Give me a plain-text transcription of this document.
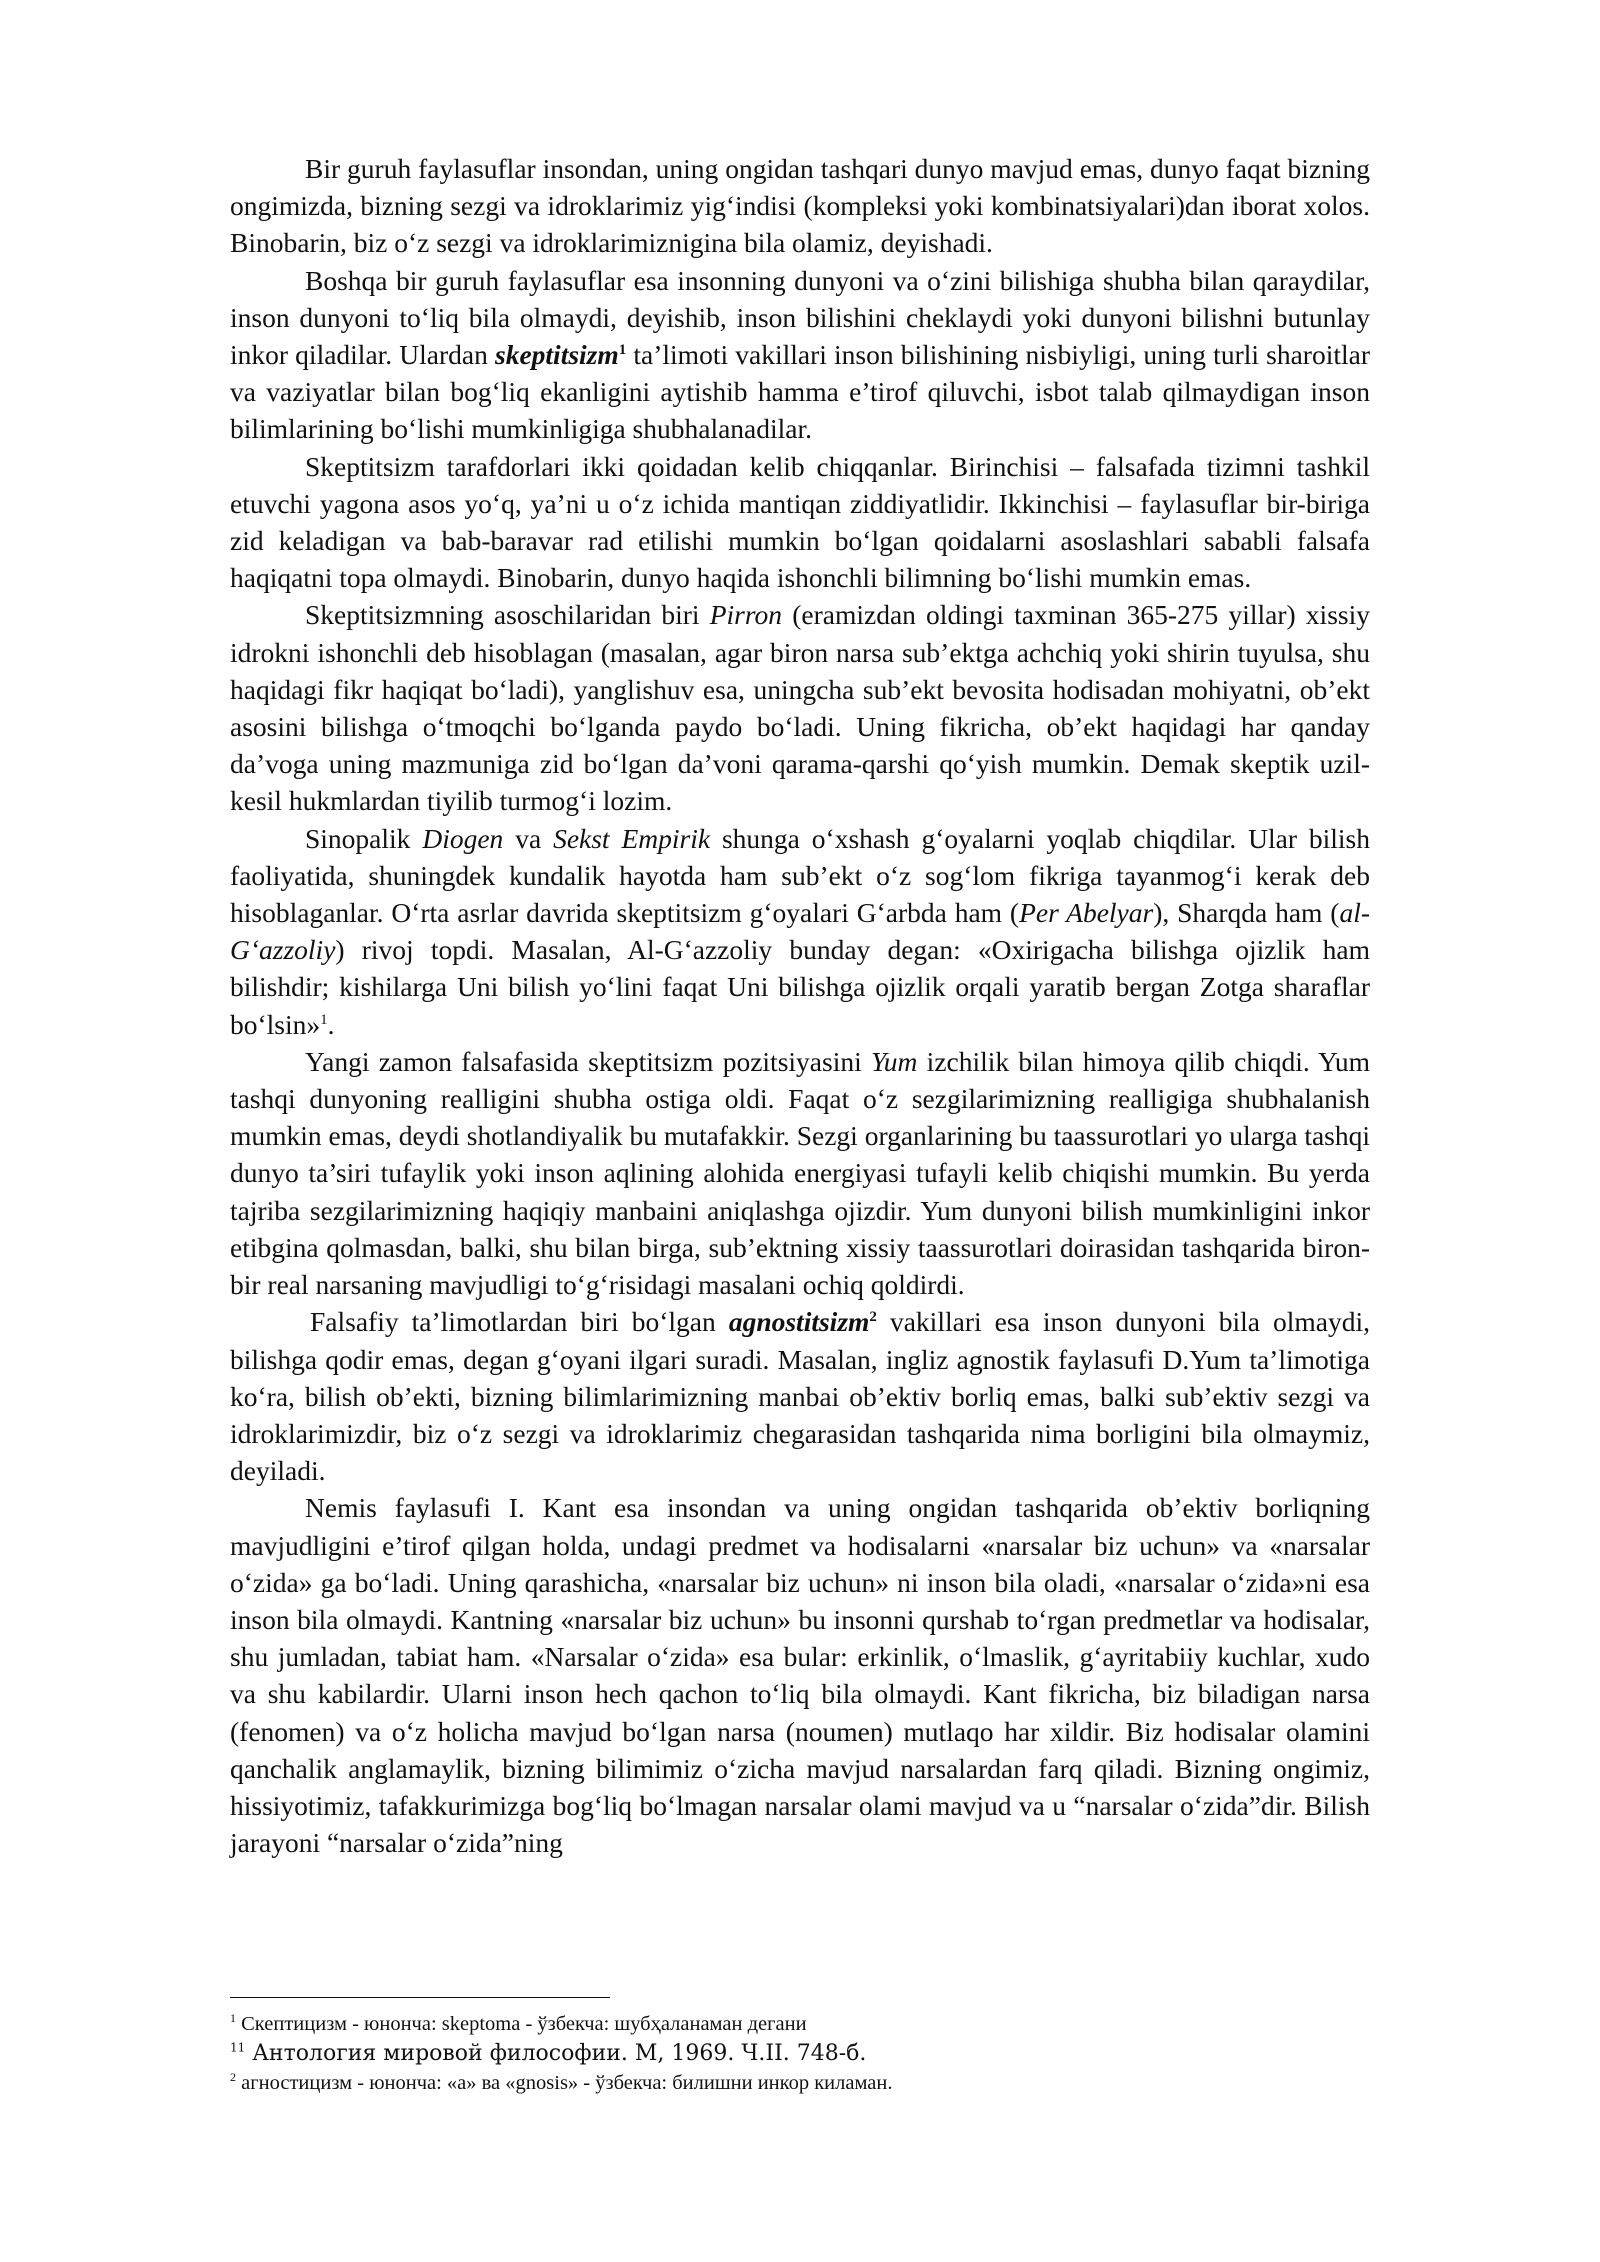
Bir guruh faylasuflar insondan, uning ongidan tashqari dunyo mavjud emas, dunyo faqat bizning ongimizda, bizning sezgi va idroklarimiz yig‘indisi (kompleksi yoki kombinatsiyalari)dan iborat xolos. Binobarin, biz o‘z sezgi va idroklarimiznigina bila olamiz, deyishadi.

Boshqa bir guruh faylasuflar esa insonning dunyoni va o‘zini bilishiga shubha bilan qaraydilar, inson dunyoni to‘liq bila olmaydi, deyishib, inson bilishini cheklaydi yoki dunyoni bilishni butunlay inkor qiladilar. Ulardan skeptitsizm$^1$ ta’limoti vakillari inson bilishining nisbiyligi, uning turli sharoitlar va vaziyatlar bilan bog‘liq ekanligini aytishib hamma e’tirof qiluvchi, isbot talab qilmaydigan inson bilimlarining bo‘lishi mumkinligiga shubhalanadilar.

Skeptitsizm tarafdorlari ikki qoidadan kelib chiqqanlar. Birinchisi – falsafada tizimni tashkil etuvchi yagona asos yo‘q, ya’ni u o‘z ichida mantiqan ziddiyatlidir. Ikkinchisi – faylasuflar bir-biriga zid keladigan va bab-baravar rad etilishi mumkin bo‘lgan qoidalarni asoslashlari sababli falsafa haqiqatni topa olmaydi. Binobarin, dunyo haqida ishonchli bilimning bo‘lishi mumkin emas.

Skeptitsizmning asoschilaridan biri Pirron (eramizdan oldingi taxminan 365-275 yillar) xissiy idrokni ishonchli deb hisoblagan (masalan, agar biron narsa sub’ektga achchiq yoki shirin tuyulsa, shu haqidagi fikr haqiqat bo‘ladi), yanglishuv esa, uningcha sub’ekt bevosita hodisadan mohiyatni, ob’ekt asosini bilishga o‘tmoqchi bo‘lganda paydo bo‘ladi. Uning fikricha, ob’ekt haqidagi har qanday da’voga uning mazmuniga zid bo‘lgan da’voni qarama-qarshi qo‘yish mumkin. Demak skeptik uzil-kesil hukmlardan tiyilib turmog‘i lozim.

Sinopalik Diogen va Sekst Empirik shunga o‘xshash g‘oyalarni yoqlab chiqdilar. Ular bilish faoliyatida, shuningdek kundalik hayotda ham sub’ekt o‘z sog‘lom fikriga tayanmog‘i kerak deb hisoblaganlar. O‘rta asrlar davrida skeptitsizm g‘oyalari G‘arbda ham (Per Abelyar), Sharqda ham (al-G‘azzoliy) rivoj topdi. Masalan, Al-G‘azzoliy bunday degan: «Oxirigacha bilishga ojizlik ham bilishdir; kishilarga Uni bilish yo‘lini faqat Uni bilishga ojizlik orqali yaratib bergan Zotga sharaflar bo‘lsin»$^1$.

Yangi zamon falsafasida skeptitsizm pozitsiyasini Yum izchilik bilan himoya qilib chiqdi. Yum tashqi dunyoning realligini shubha ostiga oldi. Faqat o‘z sezgilarimizning realligiga shubhalanish mumkin emas, deydi shotlandiyalik bu mutafakkir. Sezgi organlarining bu taassurotlari yo ularga tashqi dunyo ta’siri tufaylik yoki inson aqlining alohida energiyasi tufayli kelib chiqishi mumkin. Bu yerda tajriba sezgilarimizning haqiqiy manbaini aniqlashga ojizdir. Yum dunyoni bilish mumkinligini inkor etibgina qolmasdan, balki, shu bilan birga, sub’ektning xissiy taassurotlari doirasidan tashqarida biron-bir real narsaning mavjudligi to‘g‘risidagi masalani ochiq qoldirdi.

Falsafiy ta’limotlardan biri bo‘lgan agnostitsizm$^2$ vakillari esa inson dunyoni bila olmaydi, bilishga qodir emas, degan g‘oyani ilgari suradi. Masalan, ingliz agnostik faylasufi D.Yum ta’limotiga ko‘ra, bilish ob’ekti, bizning bilimlarimizning manbai ob’ektiv borliq emas, balki sub’ektiv sezgi va idroklarimizdir, biz o‘z sezgi va idroklarimiz chegarasidan tashqarida nima borligini bila olmaymiz, deyiladi.

Nemis faylasufi I. Kant esa insondan va uning ongidan tashqarida ob’ektiv borliqning mavjudligini e’tirof qilgan holda, undagi predmet va hodisalarni «narsalar biz uchun» va «narsalar o‘zida» ga bo‘ladi. Uning qarashicha, «narsalar biz uchun» ni inson bila oladi, «narsalar o‘zida»ni esa inson bila olmaydi. Kantning «narsalar biz uchun» bu insonni qurshab to‘rgan predmetlar va hodisalar, shu jumladan, tabiat ham. «Narsalar o‘zida» esa bular: erkinlik, o‘lmaslik, g‘ayritabiiy kuchlar, xudo va shu kabilardir. Ularni inson hech qachon to‘liq bila olmaydi. Kant fikricha, biz biladigan narsa (fenomen) va o‘z holicha mavjud bo‘lgan narsa (noumen) mutlaqo har xildir. Biz hodisalar olamini qanchalik anglamaylik, bizning bilimimiz o‘zicha mavjud narsalardan farq qiladi. Bizning ongimiz, hissiyotimiz, tafakkurimizga bog‘liq bo‘lmagan narsalar olami mavjud va u “narsalar o‘zida”dir. Bilish jarayoni “narsalar o‘zida”ning

$^1$ Скептицизм - юнонча: skeptoma - ўзбекча: шубҳаланаман дегани

$^{11}$ Антология мировой философии. М, 1969. Ч.II. 748-б.

$^2$ агностицизм - юнонча: «а» ва «gnosis» - ўзбекча: билишни инкор киламан.
